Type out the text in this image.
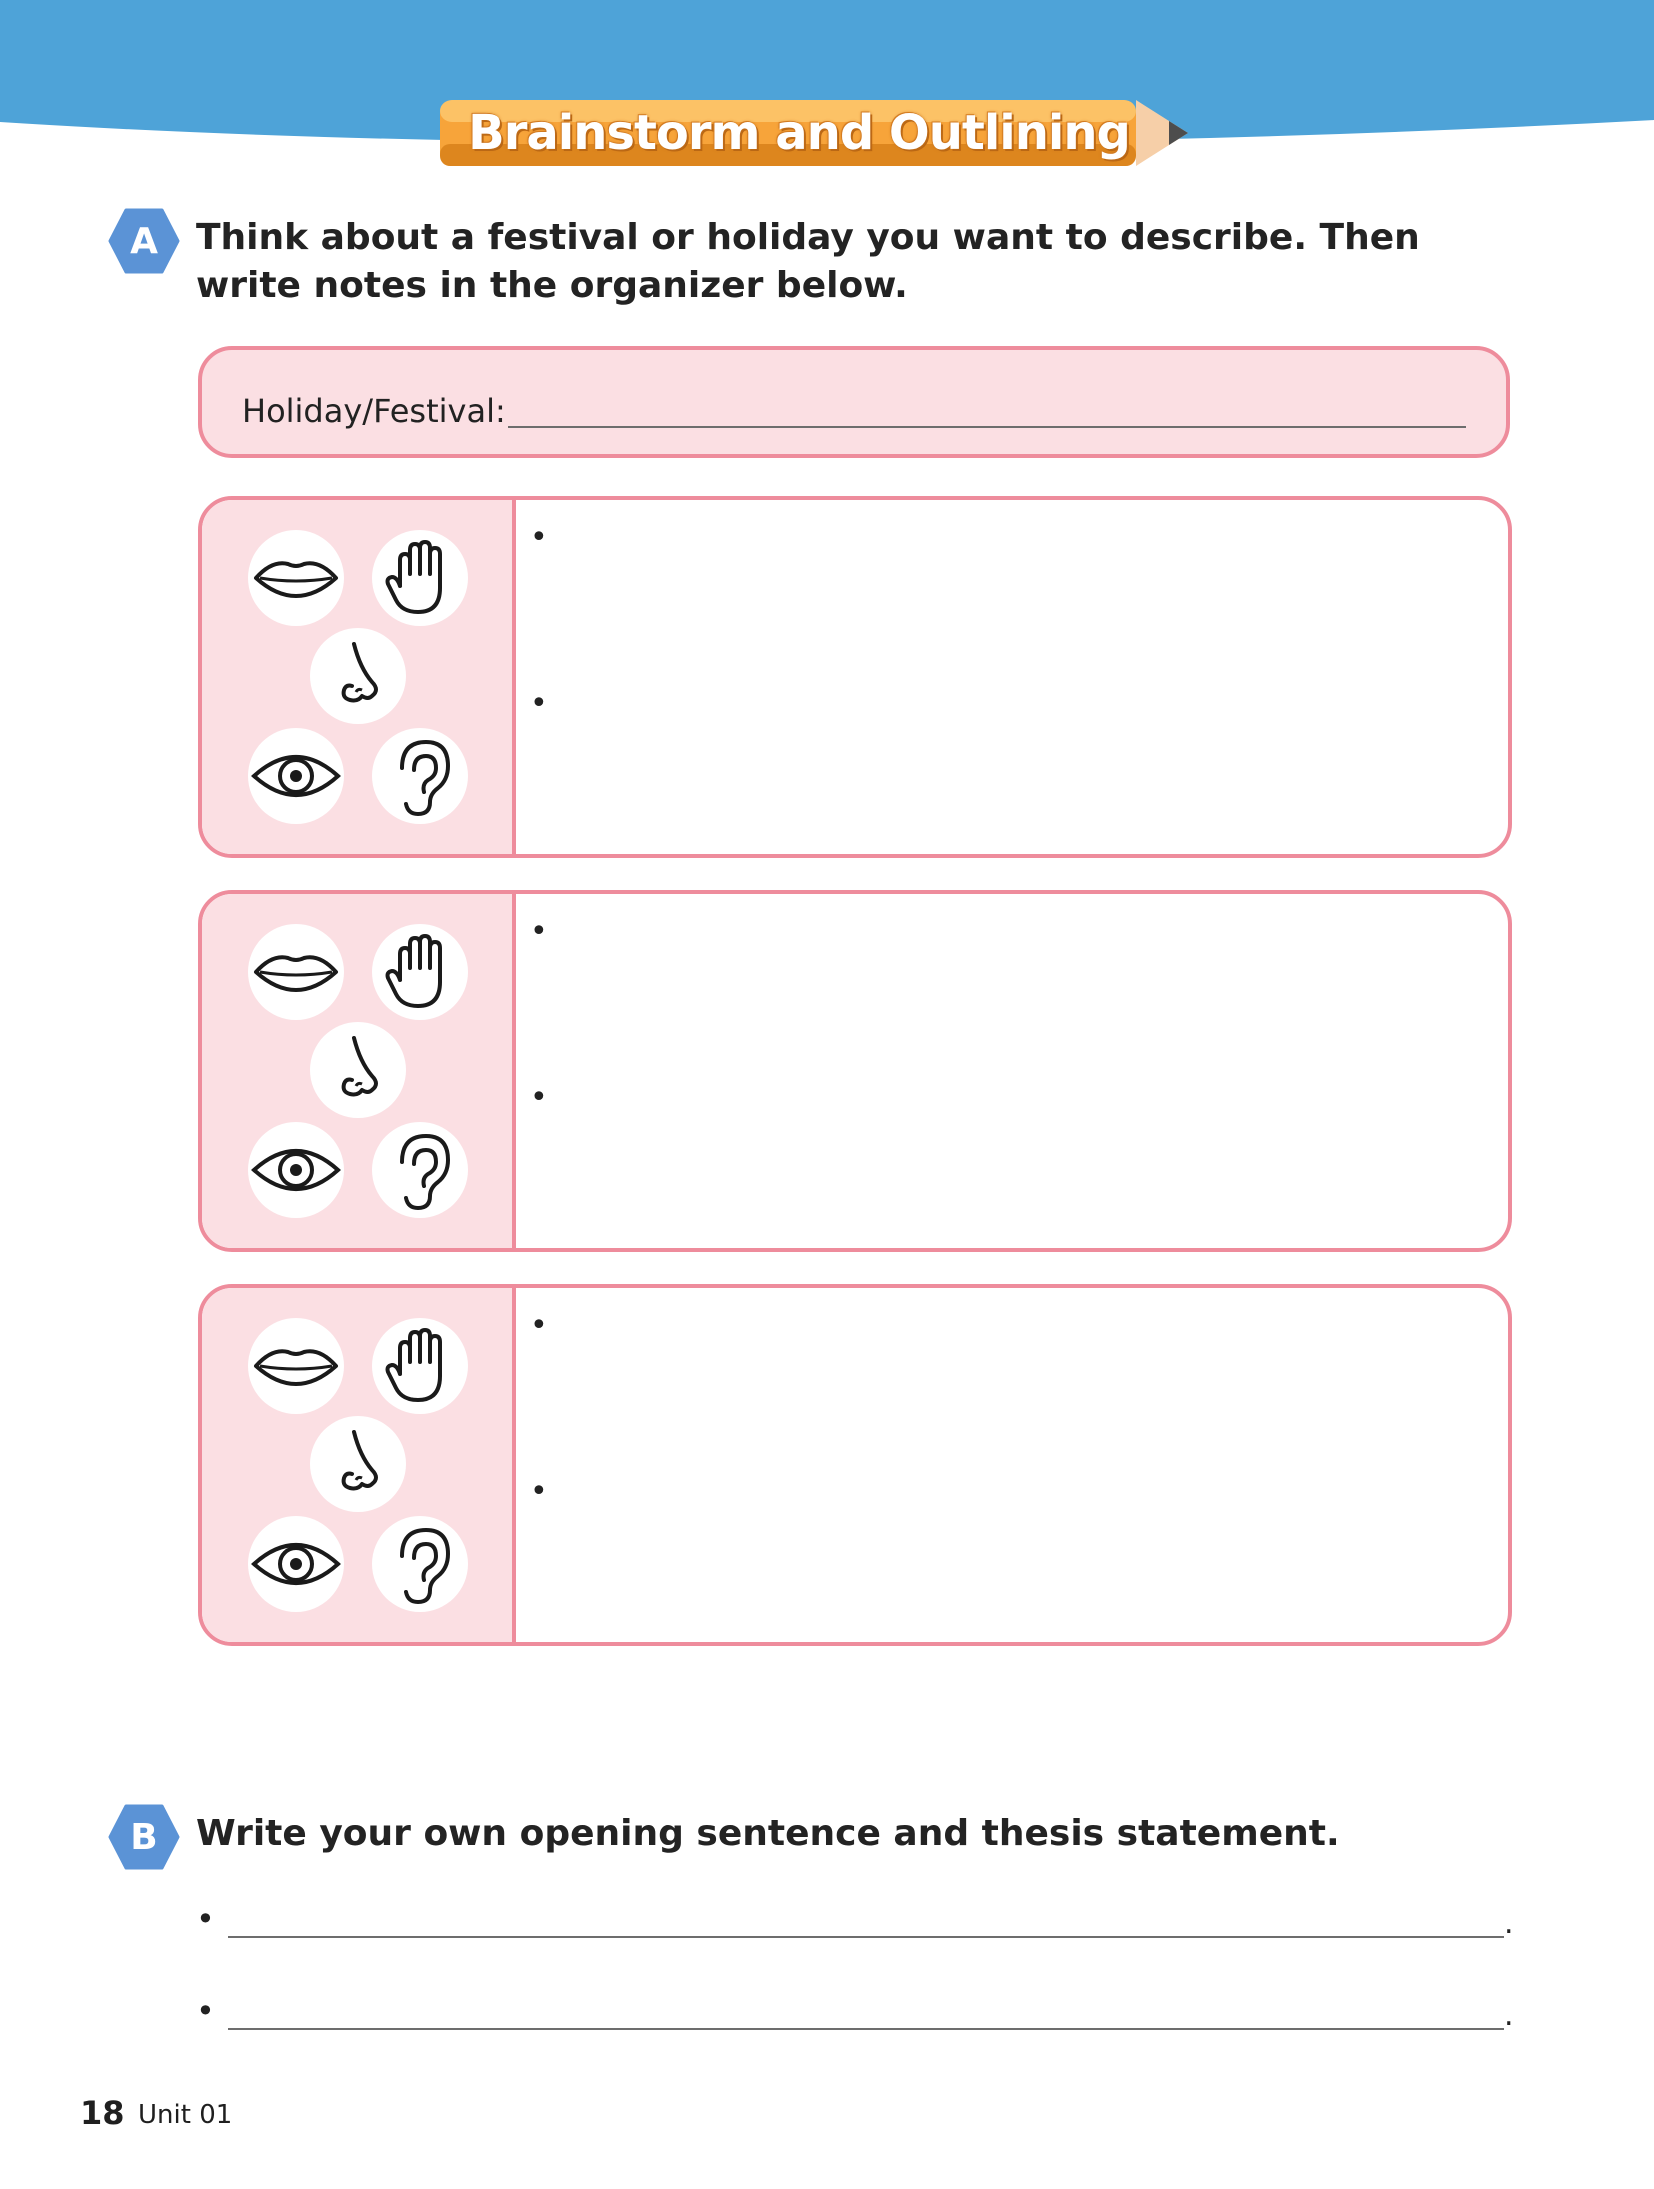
Brainstorm and Outlining
A	Think about a festival or holiday you want to describe. Then write notes in the organizer below.
Holiday/Festival:
•
•
•
•
•
•
B	Write your own opening sentence and thesis statement.
•	.
•	.
18 Unit 01
